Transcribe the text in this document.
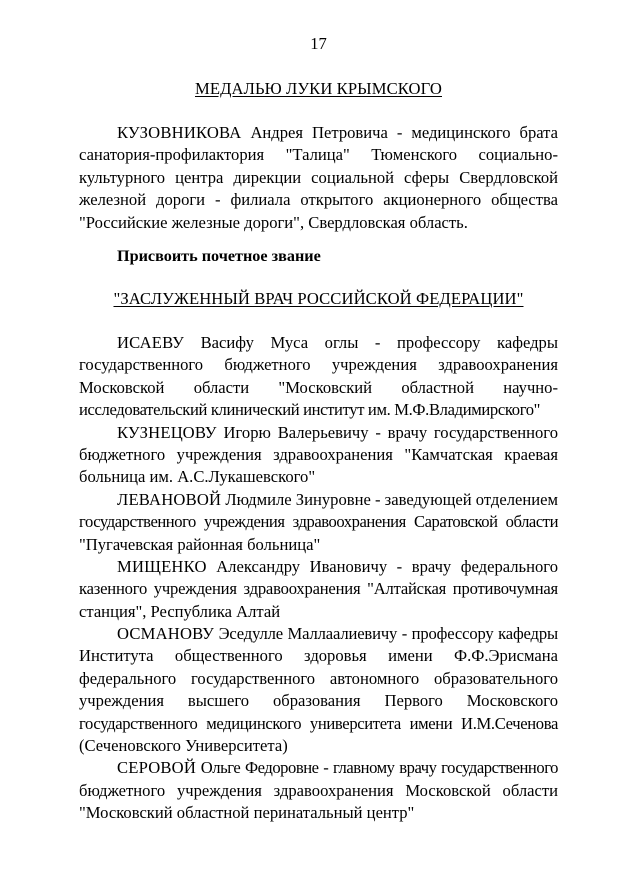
17
МЕДАЛЬЮ ЛУКИ КРЫМСКОГО

КУЗОВНИКОВА Андрея Петровича - медицинского брата
санатория-профилактория "Талица" Тюменского социально-
культурного центра дирекции социальной сферы Свердловской
железной дороги - филиала открытого акционерного общества
"Российские железные дороги", Свердловская область.

Присвоить почетное звание
"ЗАСЛУЖЕННЫЙ ВРАЧ РОССИЙСКОЙ ФЕДЕРАЦИИ"

ИСАЕВУ Васифу Муса оглы - профессору кафедры
государственного бюджетного учреждения здравоохранения
Московской области "Московский областной научно-
исследовательский клинический институт им. М.Ф.Владимирского"

КУЗНЕЦОВУ Игорю Валерьевичу - врачу государственного
бюджетного учреждения здравоохранения "Камчатская краевая
больница им. А.С.Лукашевского"

ЛЕВАНОВОЙ Людмиле Зинуровне - заведующей отделением
государственного учреждения здравоохранения Саратовской области
"Пугачевская районная больница"

МИЩЕНКО Александру Ивановичу - врачу федерального
казенного учреждения здравоохранения "Алтайская противочумная
станция", Республика Алтай

ОСМАНОВУ Эседулле Маллаалиевичу - профессору кафедры
Института общественного здоровья имени Ф.Ф.Эрисмана
федерального государственного автономного образовательного
учреждения высшего образования Первого Московского
государственного медицинского университета имени И.М.Сеченова
(Сеченовского Университета)

СЕРОВОЙ Ольге Федоровне - главному врачу государственного
бюджетного учреждения здравоохранения Московской области
"Московский областной перинатальный центр"
